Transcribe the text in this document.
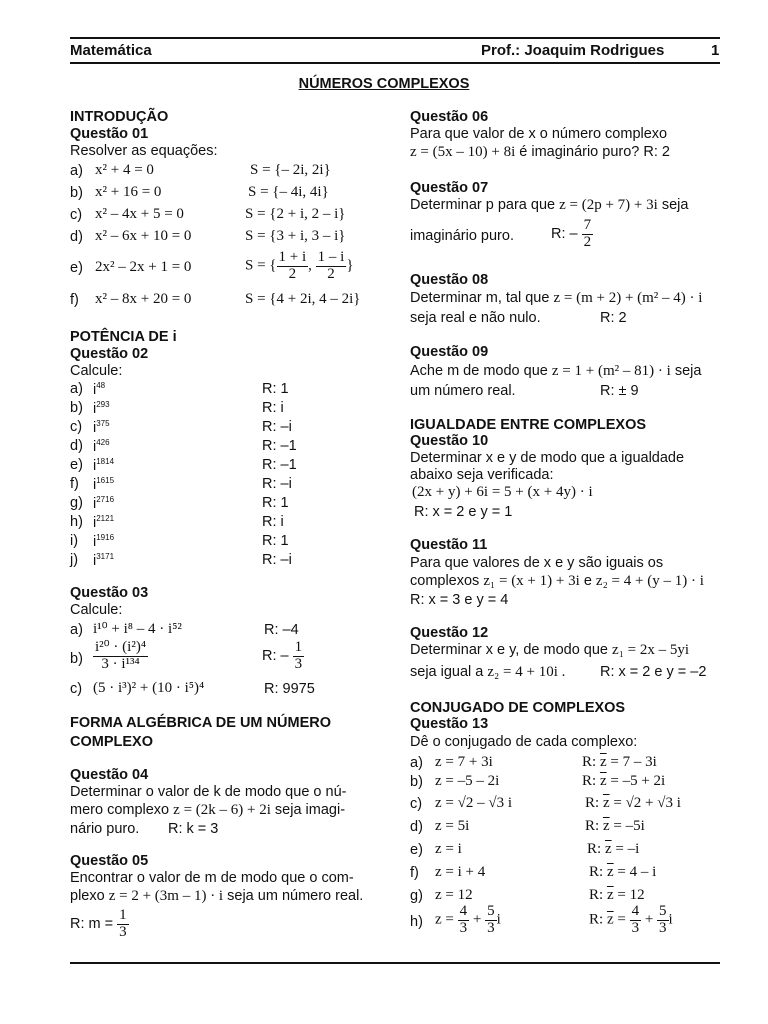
Matemática	Prof.: Joaquim Rodrigues	1
NÚMEROS COMPLEXOS
INTRODUÇÃO
Questão 01
Resolver as equações:
a) x² + 4 = 0	S = {– 2i, 2i}
b) x² + 16 = 0	S = {– 4i, 4i}
c) x² – 4x + 5 = 0	S = {2 + i, 2 – i}
d) x² – 6x + 10 = 0	S = {3 + i, 3 – i}
e) 2x² – 2x + 1 = 0	S = { $\frac{1 + i}{2}$ , $\frac{1 - i}{2}$ }
f) x² – 8x + 20 = 0	S = {4 + 2i, 4 – 2i}
POTÊNCIA DE i
Questão 02
Calcule:
a) $i^{48}$	R: 1
b) $i^{293}$	R: i
c) $i^{375}$	R: –i
d) $i^{426}$	R: –1
e) $i^{1814}$	R: –1
f) $i^{1615}$	R: –i
g) $i^{2716}$	R: 1
h) $i^{2121}$	R: i
i) $i^{1916}$	R: 1
j) $i^{3171}$	R: –i
Questão 03
Calcule:
a) i¹⁰ + i⁸ – 4 · i⁵²	R: –4
$b) \frac{\text{i²⁰ · (i²)⁴}}{\text{3 · i¹³⁴}}$	R: – $\frac{1}{3}$
c) (5 · i³)² + (10 · i⁵)⁴	R: 9975
FORMA ALGÉBRICA DE UM NÚMERO
COMPLEXO
Questão 04
Determinar o valor de k de modo que o nú-
mero complexo z = (2k – 6) + 2i seja imagi-
nário puro. R: k = 3
Questão 05
Encontrar o valor de m de modo que o com-
plexo z = 2 + (3m – 1) · i seja um número real.
R: $m = \frac{1}{3}$
Questão 06
Para que valor de x o número complexo
z = (5x – 10) + 8i é imaginário puro? R: 2
Questão 07
Determinar p para que z = (2p + 7) + 3i seja
imaginário puro.	R: – $\frac{7}{2}$
Questão 08
Determinar m, tal que z = (m + 2) + (m² – 4) · i
seja real e não nulo.	R: 2
Questão 09
Ache m de modo que z = 1 + (m² – 81) · i seja
um número real.	R: ± 9
IGUALDADE ENTRE COMPLEXOS
Questão 10
Determinar x e y de modo que a igualdade
abaixo seja verificada:
(2x + y) + 6i = 5 + (x + 4y) · i
R: x = 2 e y = 1
Questão 11
Para que valores de x e y são iguais os
complexos z₁ = (x + 1) + 3i e z₂ = 4 + (y – 1) · i
R: x = 3 e y = 4
Questão 12
Determinar x e y, de modo que z₁ = 2x – 5yi
seja igual a z₂ = 4 + 10i . R: x = 2 e y = –2
CONJUGADO DE COMPLEXOS
Questão 13
Dê o conjugado de cada complexo:
a) z = 7 + 3i	R: $\overline{z} = 7 - 3i$
b) z = –5 – 2i	R: $\overline{z} = -5 + 2i$
c) z = √2 – √3 i	R: $\overline{z} = √2 + √3$ i
d) z = 5i	R: $\overline{z} = -5i$
e) z = i	R: $\overline{z} = -i$
f) z = i + 4	R: $\overline{z} = 4 - i$
g) z = 12	R: $\overline{z} = 12$
h) $z = \frac{4}{3} + \frac{5}{3}$ i	R: $\overline{z} = \frac{4}{3} + \frac{5}{3}$ i
